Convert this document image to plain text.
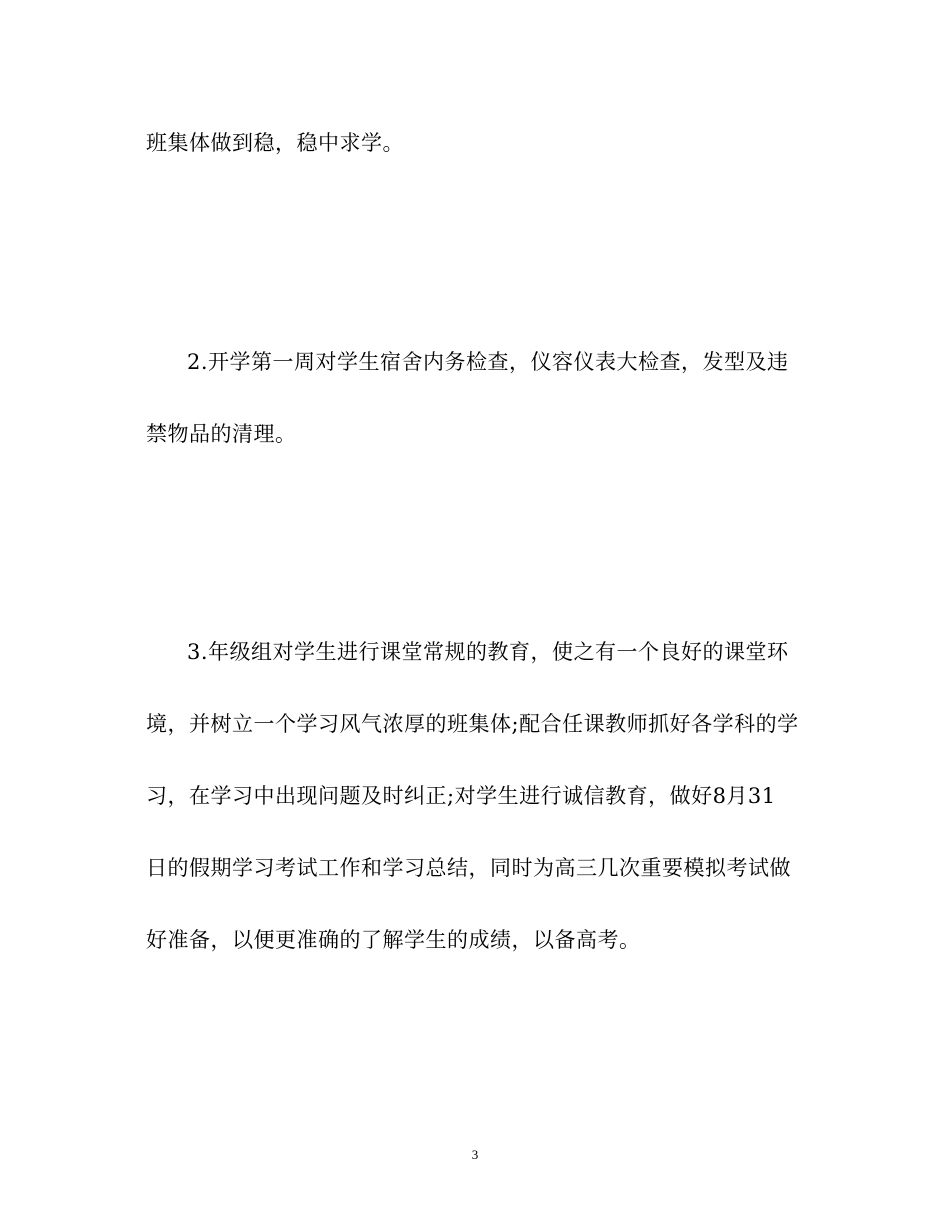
班集体做到稳，稳中求学。
2.开学第一周对学生宿舍内务检查，仪容仪表大检查，发型及违
禁物品的清理。
3.年级组对学生进行课堂常规的教育，使之有一个良好的课堂环
境，并树立一个学习风气浓厚的班集体;配合任课教师抓好各学科的学
习，在学习中出现问题及时纠正;对学生进行诚信教育，做好8月31
日的假期学习考试工作和学习总结，同时为高三几次重要模拟考试做
好准备，以便更准确的了解学生的成绩，以备高考。
3
